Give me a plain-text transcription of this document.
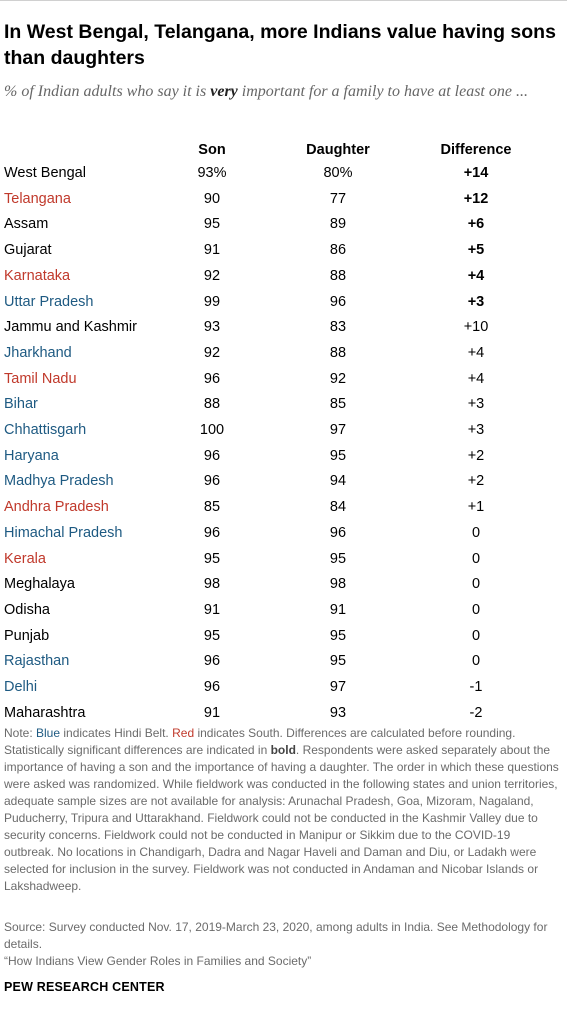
In West Bengal, Telangana, more Indians value having sons than daughters
% of Indian adults who say it is very important for a family to have at least one ...
Son	Daughter	Difference
West Bengal	93%	80%	+14
Telangana	90	77	+12
Assam	95	89	+6
Gujarat	91	86	+5
Karnataka	92	88	+4
Uttar Pradesh	99	96	+3
Jammu and Kashmir	93	83	+10
Jharkhand	92	88	+4
Tamil Nadu	96	92	+4
Bihar	88	85	+3
Chhattisgarh	100	97	+3
Haryana	96	95	+2
Madhya Pradesh	96	94	+2
Andhra Pradesh	85	84	+1
Himachal Pradesh	96	96	0
Kerala	95	95	0
Meghalaya	98	98	0
Odisha	91	91	0
Punjab	95	95	0
Rajasthan	96	95	0
Delhi	96	97	-1
Maharashtra	91	93	-2
Note: Blue indicates Hindi Belt. Red indicates South. Differences are calculated before rounding. Statistically significant differences are indicated in bold. Respondents were asked separately about the importance of having a son and the importance of having a daughter. The order in which these questions were asked was randomized. While fieldwork was conducted in the following states and union territories, adequate sample sizes are not available for analysis: Arunachal Pradesh, Goa, Mizoram, Nagaland, Puducherry, Tripura and Uttarakhand. Fieldwork could not be conducted in the Kashmir Valley due to security concerns. Fieldwork could not be conducted in Manipur or Sikkim due to the COVID-19 outbreak. No locations in Chandigarh, Dadra and Nagar Haveli and Daman and Diu, or Ladakh were selected for inclusion in the survey. Fieldwork was not conducted in Andaman and Nicobar Islands or Lakshadweep.
Source: Survey conducted Nov. 17, 2019-March 23, 2020, among adults in India. See Methodology for details.
“How Indians View Gender Roles in Families and Society”
PEW RESEARCH CENTER
